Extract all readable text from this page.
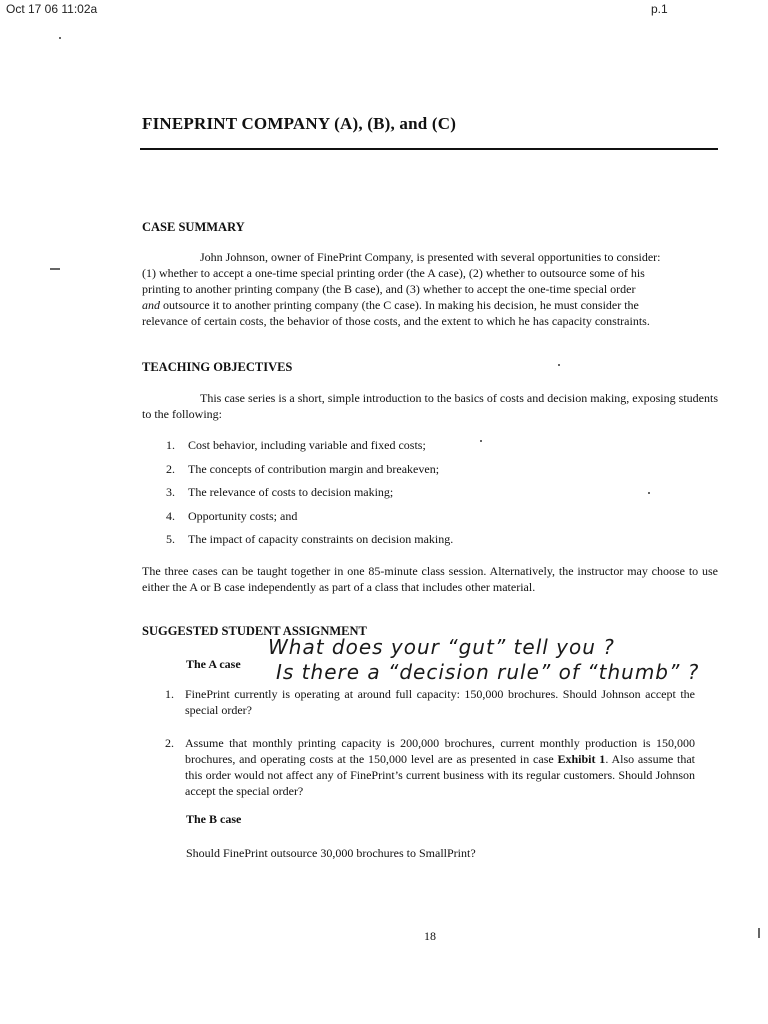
Oct 17 06 11:02a	p.1
FINEPRINT COMPANY (A), (B), and (C)
CASE SUMMARY

John Johnson, owner of FinePrint Company, is presented with several opportunities to consider:

(1) whether to accept a one-time special printing order (the A case), (2) whether to outsource some of his

printing to another printing company (the B case), and (3) whether to accept the one-time special order

and outsource it to another printing company (the C case). In making his decision, he must consider the

relevance of certain costs, the behavior of those costs, and the extent to which he has capacity constraints.

TEACHING OBJECTIVES

This case series is a short, simple introduction to the basics of costs and decision making, exposing students to the following:

1. Cost behavior, including variable and fixed costs;
2. The concepts of contribution margin and breakeven;
3. The relevance of costs to decision making;
4. Opportunity costs; and
5. The impact of capacity constraints on decision making.

The three cases can be taught together in one 85-minute class session. Alternatively, the instructor may choose to use either the A or B case independently as part of a class that includes other material.

SUGGESTED STUDENT ASSIGNMENT
The A case
What does your “gut” tell you ?
Is there a “decision rule” of “thumb” ?
1. FinePrint currently is operating at around full capacity: 150,000 brochures. Should Johnson accept the special order?
2. Assume that monthly printing capacity is 200,000 brochures, current monthly production is 150,000 brochures, and operating costs at the 150,000 level are as presented in case Exhibit 1. Also assume that this order would not affect any of FinePrint’s current business with its regular customers. Should Johnson accept the special order?
The B case
Should FinePrint outsource 30,000 brochures to SmallPrint?
18
